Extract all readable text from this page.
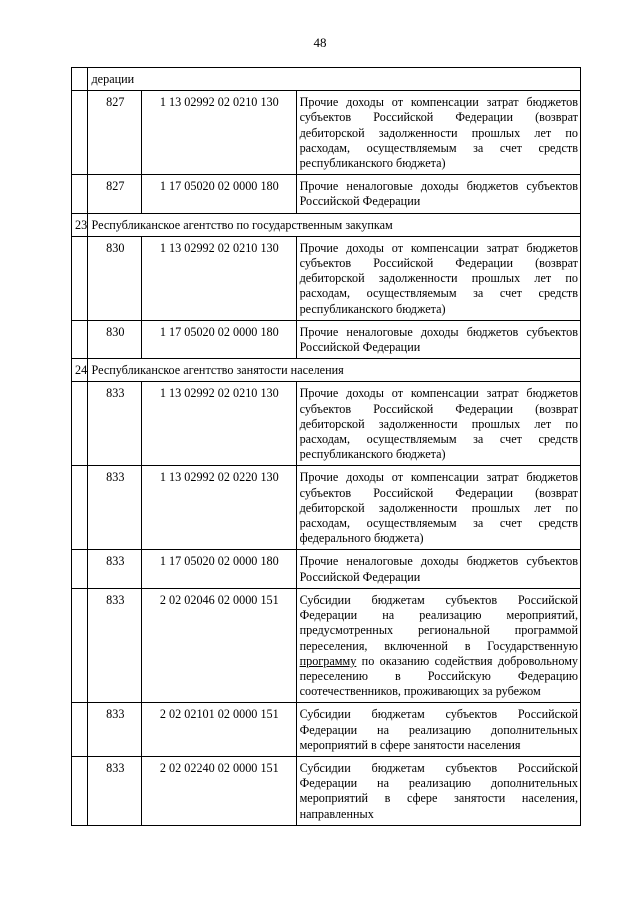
48
	дерации		
	827	1 13 02992 02 0210 130	Прочие доходы от компенсации затрат бюджетов субъектов Российской Федерации (возврат дебиторской задолженности прошлых лет по расходам, осуществляемым за счет средств республиканского бюджета)
	827	1 17 05020 02 0000 180	Прочие неналоговые доходы бюджетов субъектов Российской Федерации
23	Республиканское агентство по государственным закупкам		
	830	1 13 02992 02 0210 130	Прочие доходы от компенсации затрат бюджетов субъектов Российской Федерации (возврат дебиторской задолженности прошлых лет по расходам, осуществляемым за счет средств республиканского бюджета)
	830	1 17 05020 02 0000 180	Прочие неналоговые доходы бюджетов субъектов Российской Федерации
24	Республиканское агентство занятости населения		
	833	1 13 02992 02 0210 130	Прочие доходы от компенсации затрат бюджетов субъектов Российской Федерации (возврат дебиторской задолженности прошлых лет по расходам, осуществляемым за счет средств республиканского бюджета)
	833	1 13 02992 02 0220 130	Прочие доходы от компенсации затрат бюджетов субъектов Российской Федерации (возврат дебиторской задолженности прошлых лет по расходам, осуществляемым за счет средств федерального бюджета)
	833	1 17 05020 02 0000 180	Прочие неналоговые доходы бюджетов субъектов Российской Федерации
	833	2 02 02046 02 0000 151	Субсидии бюджетам субъектов Российской Федерации на реализацию мероприятий, предусмотренных региональной программой переселения, включенной в Государственную программу по оказанию содействия добровольному переселению в Российскую Федерацию соотечественников, проживающих за рубежом
	833	2 02 02101 02 0000 151	Субсидии бюджетам субъектов Российской Федерации на реализацию дополнительных мероприятий в сфере занятости населения
	833	2 02 02240 02 0000 151	Субсидии бюджетам субъектов Российской Федерации на реализацию дополнительных мероприятий в сфере занятости населения, направленных
